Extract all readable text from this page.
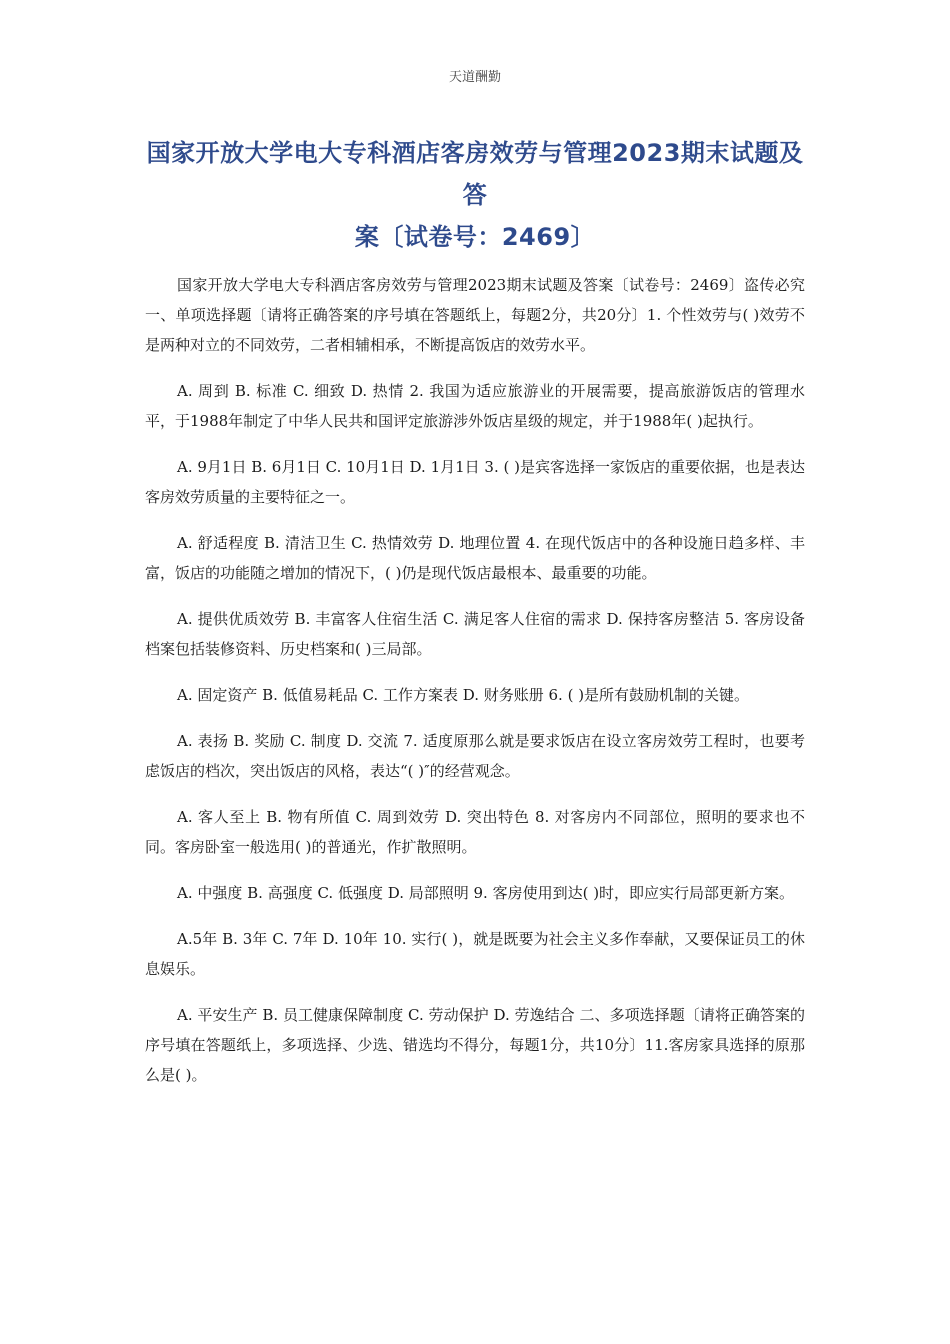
天道酬勤
国家开放大学电大专科酒店客房效劳与管理2023期末试题及答
案〔试卷号：2469〕

国家开放大学电大专科酒店客房效劳与管理2023期末试题及答案〔试卷号：2469〕盗传必究 一、单项选择题〔请将正确答案的序号填在答题纸上，每题2分，共20分〕1. 个性效劳与( )效劳不是两种对立的不同效劳，二者相辅相承，不断提高饭店的效劳水平。

A. 周到 B. 标准 C. 细致 D. 热情 2. 我国为适应旅游业的开展需要，提高旅游饭店的管理水平，于1988年制定了中华人民共和国评定旅游涉外饭店星级的规定，并于1988年( )起执行。

A. 9月1日 B. 6月1日 C. 10月1日 D. 1月1日 3. ( )是宾客选择一家饭店的重要依据，也是表达客房效劳质量的主要特征之一。

A. 舒适程度 B. 清洁卫生 C. 热情效劳 D. 地理位置 4. 在现代饭店中的各种设施日趋多样、丰富，饭店的功能随之增加的情况下，( )仍是现代饭店最根本、最重要的功能。

A. 提供优质效劳 B. 丰富客人住宿生活 C. 满足客人住宿的需求 D. 保持客房整洁 5. 客房设备档案包括装修资料、历史档案和( )三局部。

A. 固定资产 B. 低值易耗品 C. 工作方案表 D. 财务账册 6. ( )是所有鼓励机制的关键。

A. 表扬 B. 奖励 C. 制度 D. 交流 7. 适度原那么就是要求饭店在设立客房效劳工程时，也要考虑饭店的档次，突出饭店的风格，表达“( )″的经营观念。

A. 客人至上 B. 物有所值 C. 周到效劳 D. 突出特色 8. 对客房内不同部位，照明的要求也不同。客房卧室一般选用( )的普通光，作扩散照明。

A. 中强度 B. 高强度 C. 低强度 D. 局部照明 9. 客房使用到达( )时，即应实行局部更新方案。

A.5年 B. 3年 C. 7年 D. 10年 10. 实行( )，就是既要为社会主义多作奉献，又要保证员工的休息娱乐。

A. 平安生产 B. 员工健康保障制度 C. 劳动保护 D. 劳逸结合 二、多项选择题〔请将正确答案的序号填在答题纸上，多项选择、少选、错选均不得分，每题1分，共10分〕11.客房家具选择的原那么是( )。
